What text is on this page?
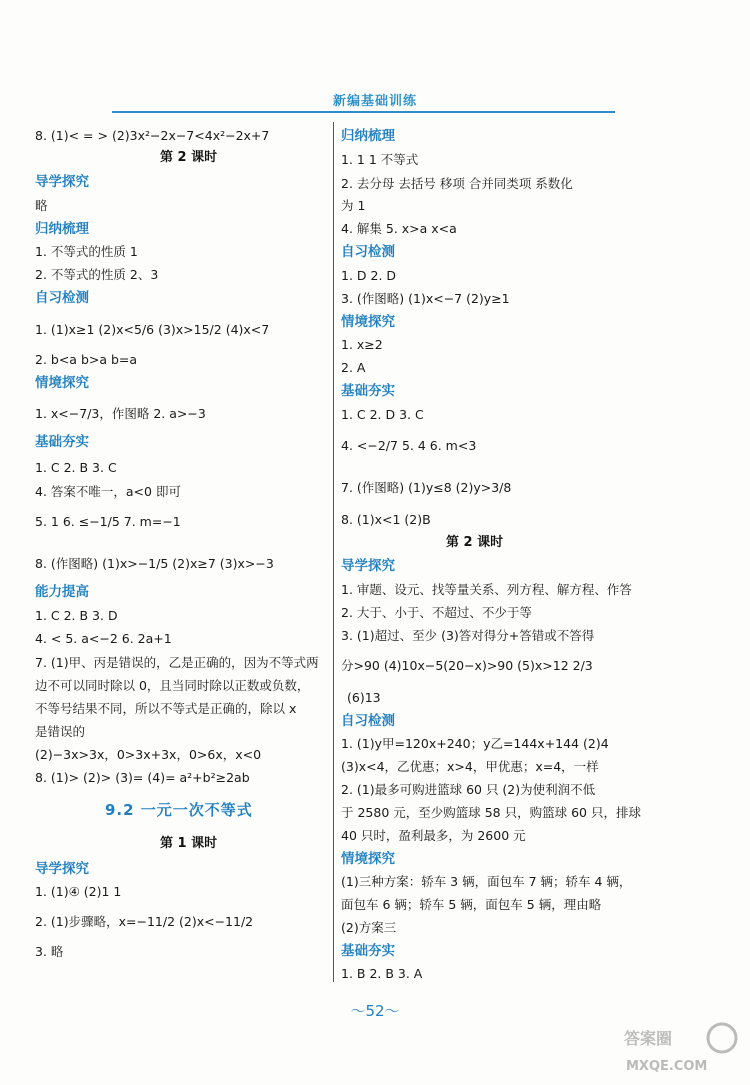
新编基础训练
8. (1)< = > (2)3x²−2x−7<4x²−2x+7
第 2 课时
导学探究
略
归纳梳理
1. 不等式的性质 1
2. 不等式的性质 2、3
自习检测
1. (1)x≥1 (2)x<5/6 (3)x>15/2 (4)x<7
2. b<a b>a b=a
情境探究
1. x<−7/3，作图略 2. a>−3
基础夯实
1. C 2. B 3. C
4. 答案不唯一，a<0 即可
5. 1 6. ≤−1/5 7. m=−1
8. (作图略) (1)x>−1/5 (2)x≥7 (3)x>−3
能力提高
1. C 2. B 3. D
4. < 5. a<−2 6. 2a+1
7. (1)甲、丙是错误的，乙是正确的，因为不等式两
边不可以同时除以 0，且当同时除以正数或负数，
不等号结果不同，所以不等式是正确的，除以 x
是错误的
(2)−3x>3x，0>3x+3x，0>6x，x<0
8. (1)> (2)> (3)= (4)= a²+b²≥2ab
9.2 一元一次不等式
第 1 课时
导学探究
1. (1)④ (2)1 1
2. (1)步骤略，x=−11/2 (2)x<−11/2
3. 略
归纳梳理
1. 1 1 不等式
2. 去分母 去括号 移项 合并同类项 系数化
为 1
4. 解集 5. x>a x<a
自习检测
1. D 2. D
3. (作图略) (1)x<−7 (2)y≥1
情境探究
1. x≥2
2. A
基础夯实
1. C 2. D 3. C
4. <−2/7 5. 4 6. m<3
7. (作图略) (1)y≤8 (2)y>3/8
8. (1)x<1 (2)B
第 2 课时
导学探究
1. 审题、设元、找等量关系、列方程、解方程、作答
2. 大于、小于、不超过、不少于等
3. (1)超过、至少 (3)答对得分+答错或不答得
分>90 (4)10x−5(20−x)>90 (5)x>12 2/3
(6)13
自习检测
1. (1)y甲=120x+240；y乙=144x+144 (2)4
(3)x<4，乙优惠；x>4，甲优惠；x=4，一样
2. (1)最多可购进篮球 60 只 (2)为使利润不低
于 2580 元，至少购篮球 58 只，购篮球 60 只，排球
40 只时，盈利最多，为 2600 元
情境探究
(1)三种方案：轿车 3 辆，面包车 7 辆；轿车 4 辆，
面包车 6 辆；轿车 5 辆，面包车 5 辆，理由略
(2)方案三
基础夯实
1. B 2. B 3. A
～52～
答案圈
MXQE.COM
